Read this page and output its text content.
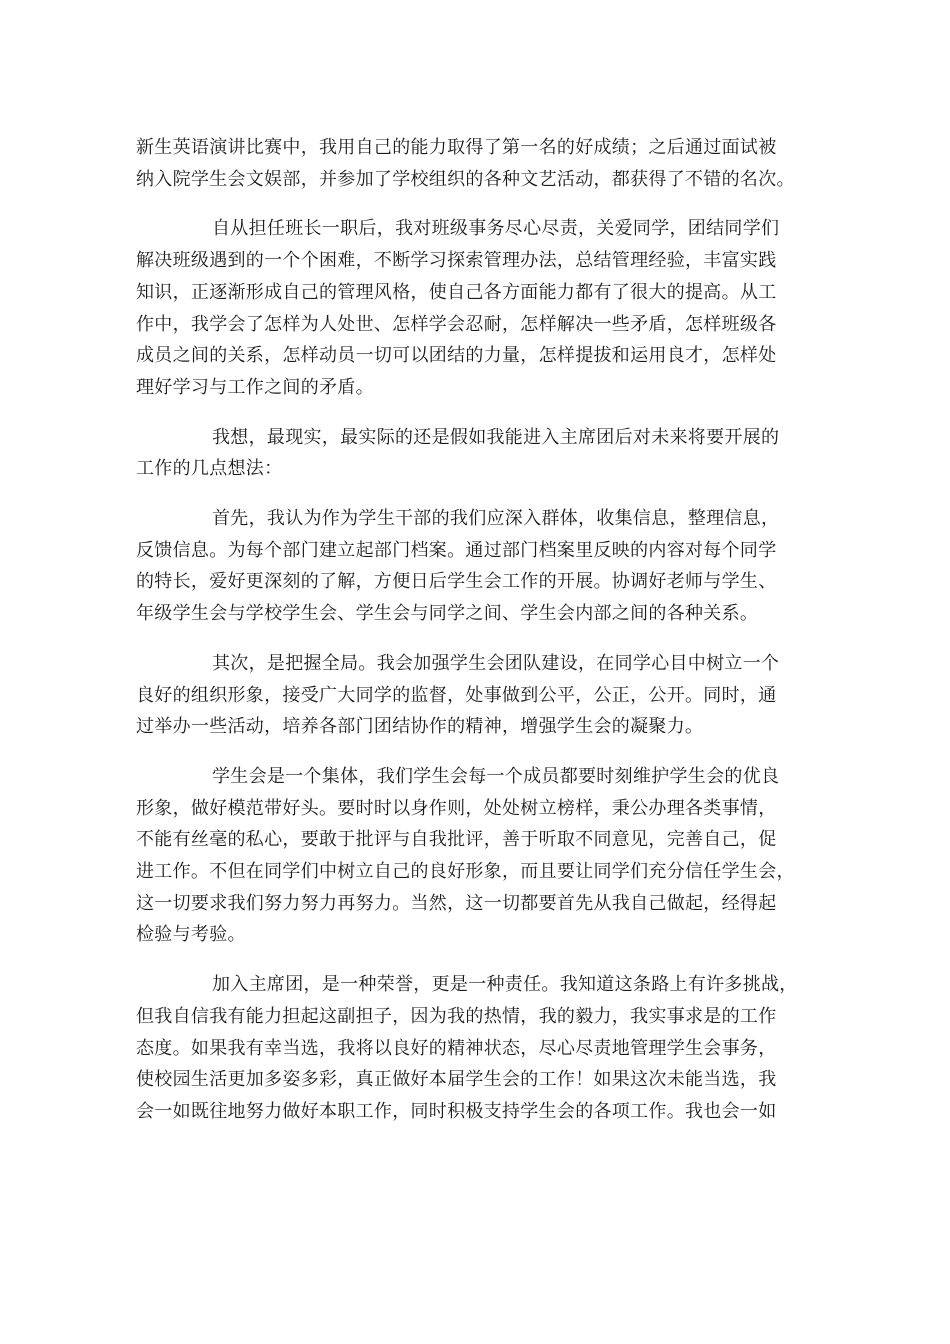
新生英语演讲比赛中，我用自己的能力取得了第一名的好成绩；之后通过面试被
纳入院学生会文娱部，并参加了学校组织的各种文艺活动，都获得了不错的名次。
自从担任班长一职后，我对班级事务尽心尽责，关爱同学，团结同学们
解决班级遇到的一个个困难，不断学习探索管理办法，总结管理经验，丰富实践
知识，正逐渐形成自己的管理风格，使自己各方面能力都有了很大的提高。从工
作中，我学会了怎样为人处世、怎样学会忍耐，怎样解决一些矛盾，怎样班级各
成员之间的关系，怎样动员一切可以团结的力量，怎样提拔和运用良才，怎样处
理好学习与工作之间的矛盾。
我想，最现实，最实际的还是假如我能进入主席团后对未来将要开展的
工作的几点想法：
首先，我认为作为学生干部的我们应深入群体，收集信息，整理信息，
反馈信息。为每个部门建立起部门档案。通过部门档案里反映的内容对每个同学
的特长，爱好更深刻的了解，方便日后学生会工作的开展。协调好老师与学生、
年级学生会与学校学生会、学生会与同学之间、学生会内部之间的各种关系。
其次，是把握全局。我会加强学生会团队建设，在同学心目中树立一个
良好的组织形象，接受广大同学的监督，处事做到公平，公正，公开。同时，通
过举办一些活动，培养各部门团结协作的精神，增强学生会的凝聚力。
学生会是一个集体，我们学生会每一个成员都要时刻维护学生会的优良
形象，做好模范带好头。要时时以身作则，处处树立榜样，秉公办理各类事情，
不能有丝毫的私心，要敢于批评与自我批评，善于听取不同意见，完善自己，促
进工作。不但在同学们中树立自己的良好形象，而且要让同学们充分信任学生会，
这一切要求我们努力努力再努力。当然，这一切都要首先从我自己做起，经得起
检验与考验。
加入主席团，是一种荣誉，更是一种责任。我知道这条路上有许多挑战，
但我自信我有能力担起这副担子，因为我的热情，我的毅力，我实事求是的工作
态度。如果我有幸当选，我将以良好的精神状态，尽心尽责地管理学生会事务，
使校园生活更加多姿多彩，真正做好本届学生会的工作！如果这次未能当选，我
会一如既往地努力做好本职工作，同时积极支持学生会的各项工作。我也会一如
